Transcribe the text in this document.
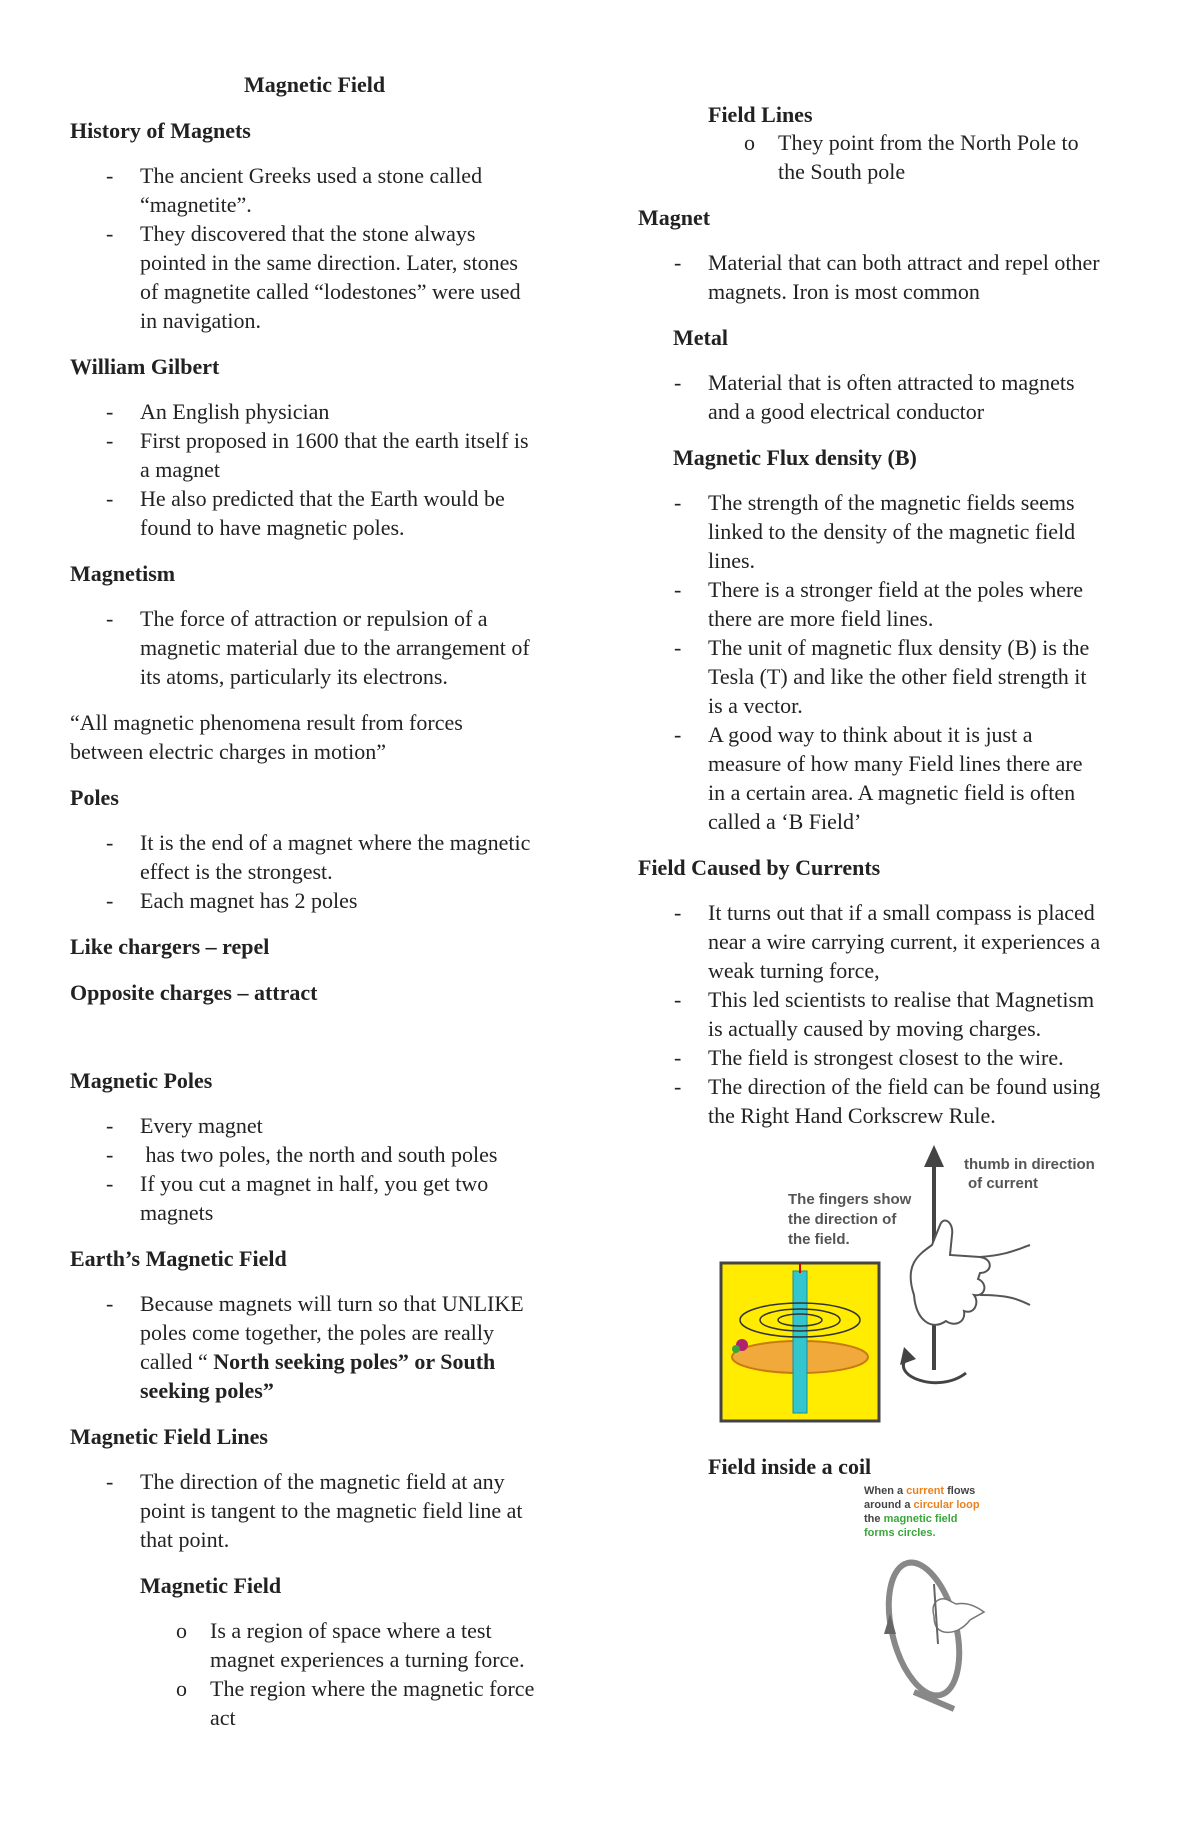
Magnetic Field
History of Magnets
- The ancient Greeks used a stone called
“magnetite”.
- They discovered that the stone always
pointed in the same direction. Later, stones
of magnetite called “lodestones” were used
in navigation.
William Gilbert
- An English physician
- First proposed in 1600 that the earth itself is
a magnet
- He also predicted that the Earth would be
found to have magnetic poles.
Magnetism
- The force of attraction or repulsion of a
magnetic material due to the arrangement of
its atoms, particularly its electrons.
“All magnetic phenomena result from forces
between electric charges in motion”
Poles
- It is the end of a magnet where the magnetic
effect is the strongest.
- Each magnet has 2 poles
Like chargers – repel
Opposite charges – attract
Magnetic Poles
- Every magnet
- has two poles, the north and south poles
- If you cut a magnet in half, you get two
magnets
Earth’s Magnetic Field
- Because magnets will turn so that UNLIKE
poles come together, the poles are really
called “ North seeking poles” or South
seeking poles”
Magnetic Field Lines
- The direction of the magnetic field at any
point is tangent to the magnetic field line at
that point.
Magnetic Field
o Is a region of space where a test
magnet experiences a turning force.
o The region where the magnetic force
act
Field Lines
o They point from the North Pole to
the South pole
Magnet
- Material that can both attract and repel other
magnets. Iron is most common
Metal
- Material that is often attracted to magnets
and a good electrical conductor
Magnetic Flux density (B)
- The strength of the magnetic fields seems
linked to the density of the magnetic field
lines.
- There is a stronger field at the poles where
there are more field lines.
- The unit of magnetic flux density (B) is the
Tesla (T) and like the other field strength it
is a vector.
- A good way to think about it is just a
measure of how many Field lines there are
in a certain area. A magnetic field is often
called a ‘B Field’
Field Caused by Currents
- It turns out that if a small compass is placed
near a wire carrying current, it experiences a
weak turning force,
- This led scientists to realise that Magnetism
is actually caused by moving charges.
- The field is strongest closest to the wire.
- The direction of the field can be found using
the Right Hand Corkscrew Rule.
thumb in direction
of current
The fingers show
the direction of
the field.
Field inside a coil
When a current flows
around a circular loop
the magnetic field
forms circles.
